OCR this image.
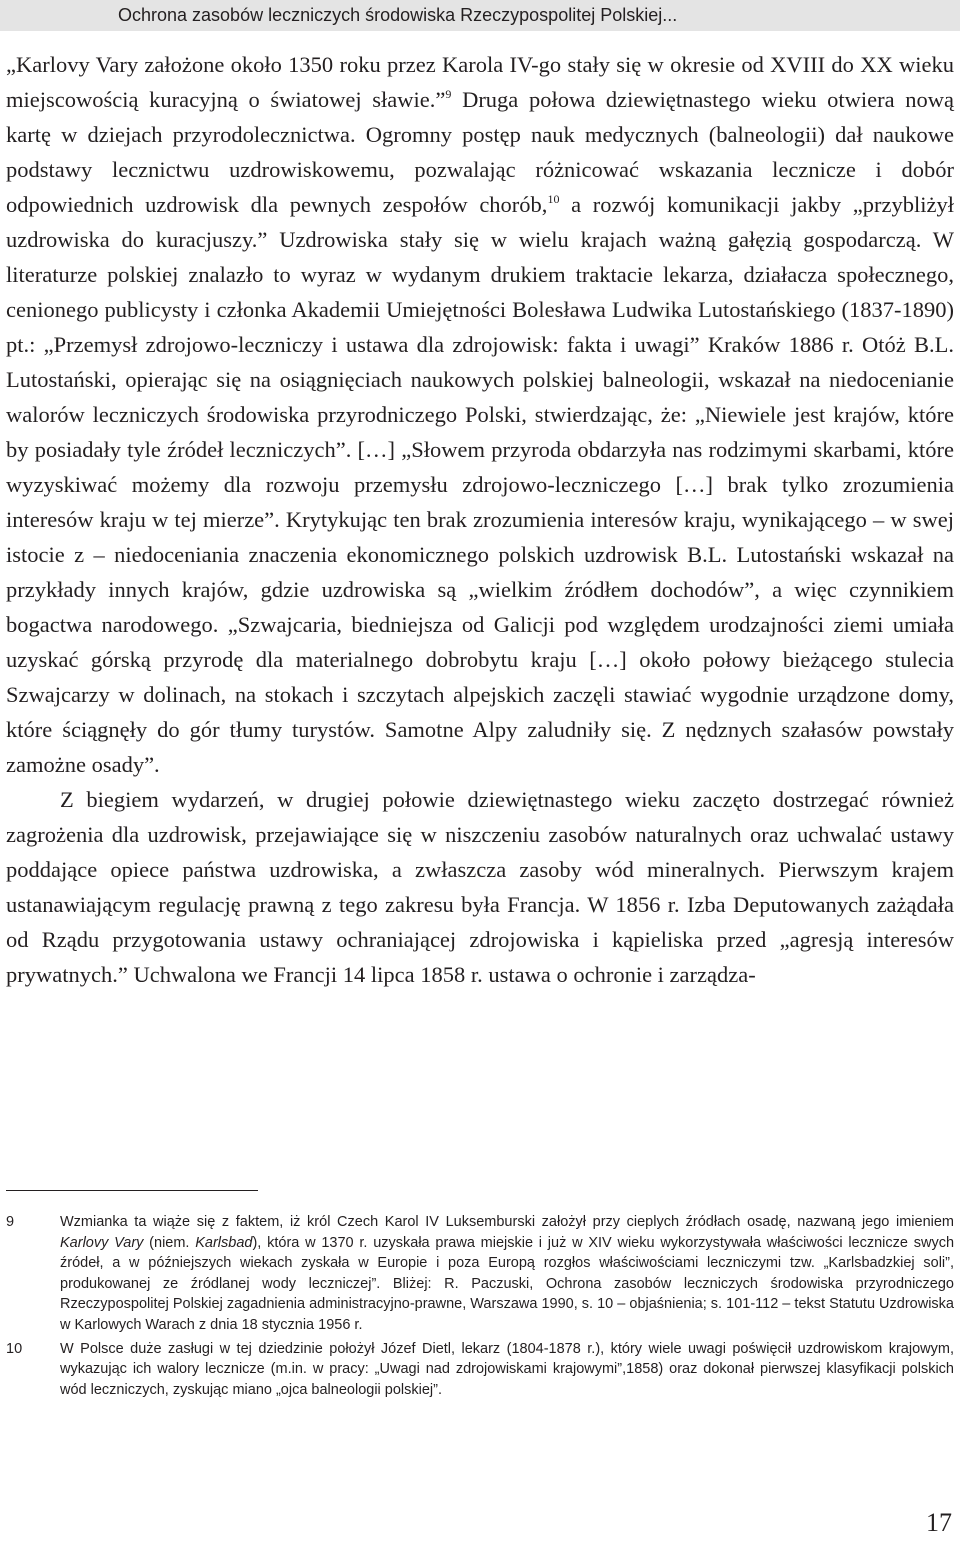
Ochrona zasobów leczniczych środowiska Rzeczypospolitej Polskiej...

„Karlovy Vary założone około 1350 roku przez Karola IV-go stały się w okresie od XVIII do XX wieku miejscowością kuracyjną o światowej sławie.”$^9$ Druga połowa dziewiętnastego wieku otwiera nową kartę w dziejach przyrodolecznictwa. Ogromny postęp nauk medycznych (balneologii) dał naukowe podstawy lecznictwu uzdrowiskowemu, pozwalając różnicować wskazania lecznicze i dobór odpowiednich uzdrowisk dla pewnych zespołów chorób,$^{10}$ a rozwój komunikacji jakby „przybliżył uzdrowiska do kuracjuszy.” Uzdrowiska stały się w wielu krajach ważną gałęzią gospodarczą. W literaturze polskiej znalazło to wyraz w wydanym drukiem traktacie lekarza, działacza społecznego, cenionego publicysty i członka Akademii Umiejętności Bolesława Ludwika Lutostańskiego (1837-1890) pt.: „Przemysł zdrojowo-leczniczy i ustawa dla zdrojowisk: fakta i uwagi” Kraków 1886 r. Otóż B.L. Lutostański, opierając się na osiągnięciach naukowych polskiej balneologii, wskazał na niedocenianie walorów leczniczych środowiska przyrodniczego Polski, stwierdzając, że: „Niewiele jest krajów, które by posiadały tyle źródeł leczniczych”. […] „Słowem przyroda obdarzyła nas rodzimymi skarbami, które wyzyskiwać możemy dla rozwoju przemysłu zdrojowo-leczniczego […] brak tylko zrozumienia interesów kraju w tej mierze”. Krytykując ten brak zrozumienia interesów kraju, wynikającego – w swej istocie z – niedoceniania znaczenia ekonomicznego polskich uzdrowisk B.L. Lutostański wskazał na przykłady innych krajów, gdzie uzdrowiska są „wielkim źródłem dochodów”, a więc czynnikiem bogactwa narodowego. „Szwajcaria, biedniejsza od Galicji pod względem urodzajności ziemi umiała uzyskać górską przyrodę dla materialnego dobrobytu kraju […] około połowy bieżącego stulecia Szwajcarzy w dolinach, na stokach i szczytach alpejskich zaczęli stawiać wygodnie urządzone domy, które ściągnęły do gór tłumy turystów. Samotne Alpy zaludniły się. Z nędznych szałasów powstały zamożne osady”.

Z biegiem wydarzeń, w drugiej połowie dziewiętnastego wieku zaczęto dostrzegać również zagrożenia dla uzdrowisk, przejawiające się w niszczeniu zasobów naturalnych oraz uchwalać ustawy poddające opiece państwa uzdrowiska, a zwłaszcza zasoby wód mineralnych. Pierwszym krajem ustanawiającym regulację prawną z tego zakresu była Francja. W 1856 r. Izba Deputowanych zażądała od Rządu przygotowania ustawy ochraniającej zdrojowiska i kąpieliska przed „agresją interesów prywatnych.” Uchwalona we Francji 14 lipca 1858 r. ustawa o ochronie i zarządza-

9	Wzmianka ta wiąże się z faktem, iż król Czech Karol IV Luksemburski założył przy cieplych źródłach osadę, nazwaną jego imieniem Karlovy Vary (niem. Karlsbad), która w 1370 r. uzyskała prawa miejskie i już w XIV wieku wykorzystywała właściwości lecznicze swych źródeł, a w późniejszych wiekach zyskała w Europie i poza Europą rozgłos właściwościami leczniczymi tzw. „Karlsbadzkiej soli”, produkowanej ze źródlanej wody leczniczej”. Bliżej: R. Paczuski, Ochrona zasobów leczniczych środowiska przyrodniczego Rzeczypospolitej Polskiej zagadnienia administracyjno-prawne, Warszawa 1990, s. 10 – objaśnienia; s. 101-112 – tekst Statutu Uzdrowiska w Karlowych Warach z dnia 18 stycznia 1956 r.
10	W Polsce duże zasługi w tej dziedzinie położył Józef Dietl, lekarz (1804-1878 r.), który wiele uwagi poświęcił uzdrowiskom krajowym, wykazując ich walory lecznicze (m.in. w pracy: „Uwagi nad zdrojowiskami krajowymi”,1858) oraz dokonał pierwszej klasyfikacji polskich wód leczniczych, zyskując miano „ojca balneologii polskiej”.
17
